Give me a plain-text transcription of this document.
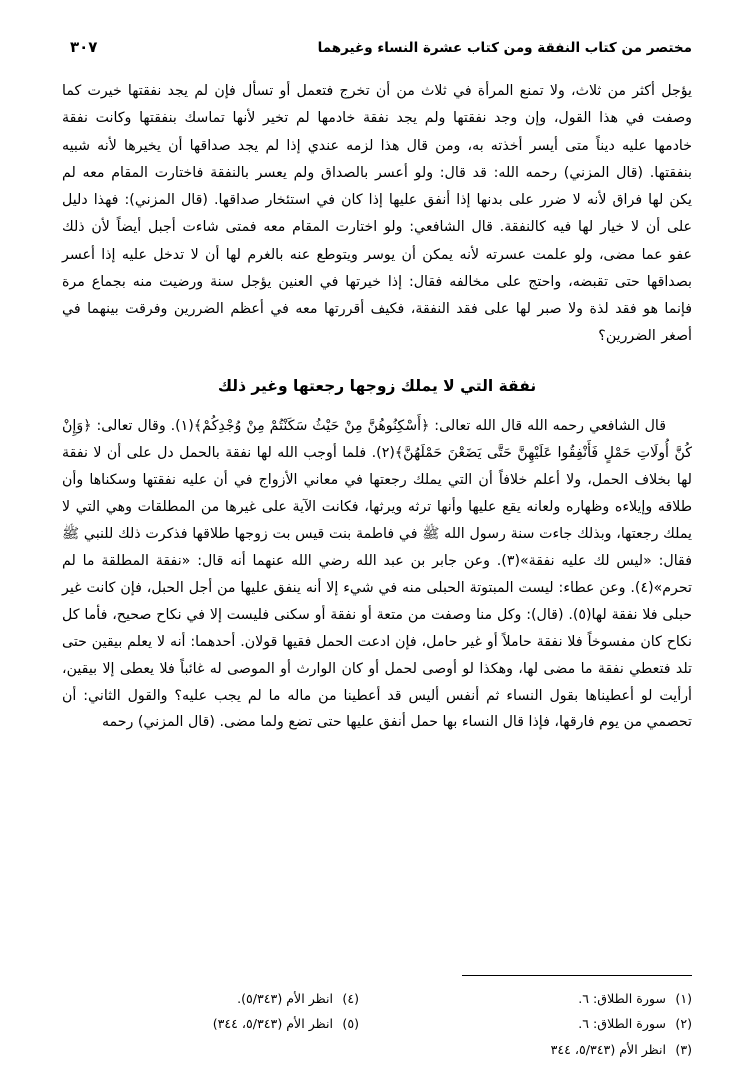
مختصر من كتاب النفقة ومن كتاب عشرة النساء وغيرهما
٣٠٧

يؤجل أكثر من ثلاث، ولا تمنع المرأة في ثلاث من أن تخرج فتعمل أو تسأل فإن لم يجد نفقتها خيرت كما وصفت في هذا القول، وإن وجد نفقتها ولم يجد نفقة خادمها لم تخير لأنها تماسك بنفقتها وكانت نفقة خادمها عليه ديناً متى أيسر أخذته به، ومن قال هذا لزمه عندي إذا لم يجد صداقها أن يخيرها لأنه شبيه بنفقتها. (قال المزني) رحمه الله: قد قال: ولو أعسر بالصداق ولم يعسر بالنفقة فاختارت المقام معه لم يكن لها فراق لأنه لا ضرر على بدنها إذا أنفق عليها إذا كان في استئخار صداقها. (قال المزني): فهذا دليل على أن لا خيار لها فيه كالنفقة. قال الشافعي: ولو اختارت المقام معه فمتى شاءت أجبل أيضاً لأن ذلك عفو عما مضى، ولو علمت عسرته لأنه يمكن أن يوسر ويتوطع عنه بالغرم لها أن لا تدخل عليه إذا أعسر بصداقها حتى تقبضه، واحتج على مخالفه فقال: إذا خيرتها في العنين يؤجل سنة ورضيت منه بجماع مرة فإنما هو فقد لذة ولا صبر لها على فقد النفقة، فكيف أقررتها معه في أعظم الضررين وفرقت بينهما في أصغر الضررين؟

نفقة التي لا يملك زوجها رجعتها وغير ذلك

قال الشافعي رحمه الله قال الله تعالى: ﴿أَسْكِنُوهُنَّ مِنْ حَيْثُ سَكَنْتُمْ مِنْ وُجْدِكُمْ﴾(١). وقال تعالى: ﴿وَإِنْ كُنَّ أُولَاتِ حَمْلٍ فَأَنْفِقُوا عَلَيْهِنَّ حَتَّى يَضَعْنَ حَمْلَهُنَّ﴾(٢). فلما أوجب الله لها نفقة بالحمل دل على أن لا نفقة لها بخلاف الحمل، ولا أعلم خلافاً أن التي يملك رجعتها في معاني الأزواج في أن عليه نفقتها وسكناها وأن طلاقه وإيلاءه وظهاره ولعانه يقع عليها وأنها ترثه ويرثها، فكانت الآية على غيرها من المطلقات وهي التي لا يملك رجعتها، وبذلك جاءت سنة رسول الله ﷺ في فاطمة بنت قيس بت زوجها طلاقها فذكرت ذلك للنبي ﷺ فقال: «ليس لك عليه نفقة»(٣). وعن جابر بن عبد الله رضي الله عنهما أنه قال: «نفقة المطلقة ما لم تحرم»(٤). وعن عطاء: ليست المبتوتة الحبلى منه في شيء إلا أنه ينفق عليها من أجل الحبل، فإن كانت غير حبلى فلا نفقة لها(٥). (قال): وكل منا وصفت من متعة أو نفقة أو سكنى فليست إلا في نكاح صحيح، فأما كل نكاح كان مفسوخاً فلا نفقة حاملاً أو غير حامل، فإن ادعت الحمل فقيها قولان. أحدهما: أنه لا يعلم بيقين حتى تلد فتعطي نفقة ما مضى لها، وهكذا لو أوصى لحمل أو كان الوارث أو الموصى له غائباً فلا يعطى إلا بيقين، أرأيت لو أعطيناها بقول النساء ثم أنفس أليس قد أعطينا من ماله ما لم يجب عليه؟ والقول الثاني: أن تحصمي من يوم فارقها، فإذا قال النساء بها حمل أنفق عليها حتى تضع ولما مضى. (قال المزني) رحمه

(١)سورة الطلاق: ٦.
(٢)سورة الطلاق: ٦.
(٣)انظر الأم (٥/٣٤٣، ٣٤٤
(٤)انظر الأم (٥/٣٤٣).
(٥)انظر الأم (٥/٣٤٣، ٣٤٤)
